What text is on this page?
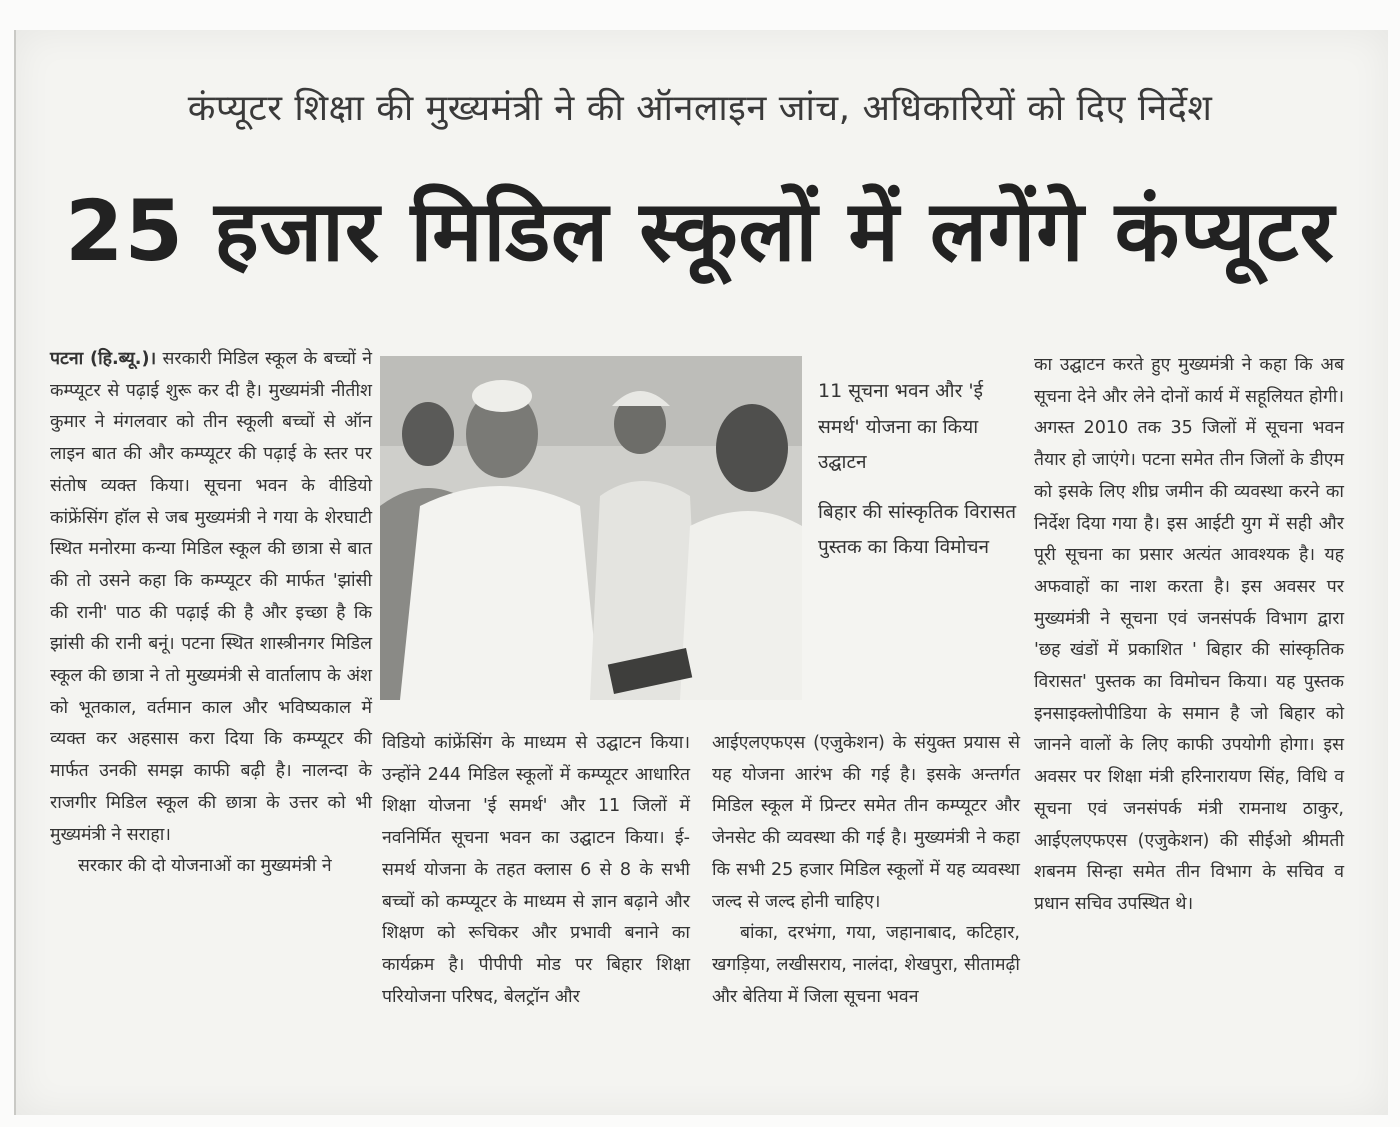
कंप्यूटर शिक्षा की मुख्यमंत्री ने की ऑनलाइन जांच, अधिकारियों को दिए निर्देश
25 हजार मिडिल स्कूलों में लगेंगे कंप्यूटर

पटना (हि.ब्यू.)। सरकारी मिडिल स्कूल के बच्चों ने कम्प्यूटर से पढ़ाई शुरू कर दी है। मुख्यमंत्री नीतीश कुमार ने मंगलवार को तीन स्कूली बच्चों से ऑन लाइन बात की और कम्प्यूटर की पढ़ाई के स्तर पर संतोष व्यक्त किया। सूचना भवन के वीडियो कांफ्रेंसिंग हॉल से जब मुख्यमंत्री ने गया के शेरघाटी स्थित मनोरमा कन्या मिडिल स्कूल की छात्रा से बात की तो उसने कहा कि कम्प्यूटर की मार्फत 'झांसी की रानी' पाठ की पढ़ाई की है और इच्छा है कि झांसी की रानी बनूं। पटना स्थित शास्त्रीनगर मिडिल स्कूल की छात्रा ने तो मुख्यमंत्री से वार्तालाप के अंश को भूतकाल, वर्तमान काल और भविष्यकाल में व्यक्त कर अहसास करा दिया कि कम्प्यूटर की मार्फत उनकी समझ काफी बढ़ी है। नालन्दा के राजगीर मिडिल स्कूल की छात्रा के उत्तर को भी मुख्यमंत्री ने सराहा।

सरकार की दो योजनाओं का मुख्यमंत्री ने

11 सूचना भवन और 'ई समर्थ' योजना का किया उद्घाटन

बिहार की सांस्कृतिक विरासत पुस्तक का किया विमोचन

विडियो कांफ्रेंसिंग के माध्यम से उद्घाटन किया। उन्होंने 244 मिडिल स्कूलों में कम्प्यूटर आधारित शिक्षा योजना 'ई समर्थ' और 11 जिलों में नवनिर्मित सूचना भवन का उद्घाटन किया। ई-समर्थ योजना के तहत क्लास 6 से 8 के सभी बच्चों को कम्प्यूटर के माध्यम से ज्ञान बढ़ाने और शिक्षण को रूचिकर और प्रभावी बनाने का कार्यक्रम है। पीपीपी मोड पर बिहार शिक्षा परियोजना परिषद, बेलट्रॉन और

आईएलएफएस (एजुकेशन) के संयुक्त प्रयास से यह योजना आरंभ की गई है। इसके अन्तर्गत मिडिल स्कूल में प्रिन्टर समेत तीन कम्प्यूटर और जेनसेट की व्यवस्था की गई है। मुख्यमंत्री ने कहा कि सभी 25 हजार मिडिल स्कूलों में यह व्यवस्था जल्द से जल्द होनी चाहिए।

बांका, दरभंगा, गया, जहानाबाद, कटिहार, खगड़िया, लखीसराय, नालंदा, शेखपुरा, सीतामढ़ी और बेतिया में जिला सूचना भवन

का उद्घाटन करते हुए मुख्यमंत्री ने कहा कि अब सूचना देने और लेने दोनों कार्य में सहूलियत होगी। अगस्त 2010 तक 35 जिलों में सूचना भवन तैयार हो जाएंगे। पटना समेत तीन जिलों के डीएम को इसके लिए शीघ्र जमीन की व्यवस्था करने का निर्देश दिया गया है। इस आईटी युग में सही और पूरी सूचना का प्रसार अत्यंत आवश्यक है। यह अफवाहों का नाश करता है। इस अवसर पर मुख्यमंत्री ने सूचना एवं जनसंपर्क विभाग द्वारा 'छह खंडों में प्रकाशित ' बिहार की सांस्कृतिक विरासत' पुस्तक का विमोचन किया। यह पुस्तक इनसाइक्लोपीडिया के समान है जो बिहार को जानने वालों के लिए काफी उपयोगी होगा। इस अवसर पर शिक्षा मंत्री हरिनारायण सिंह, विधि व सूचना एवं जनसंपर्क मंत्री रामनाथ ठाकुर, आईएलएफएस (एजुकेशन) की सीईओ श्रीमती शबनम सिन्हा समेत तीन विभाग के सचिव व प्रधान सचिव उपस्थित थे।
